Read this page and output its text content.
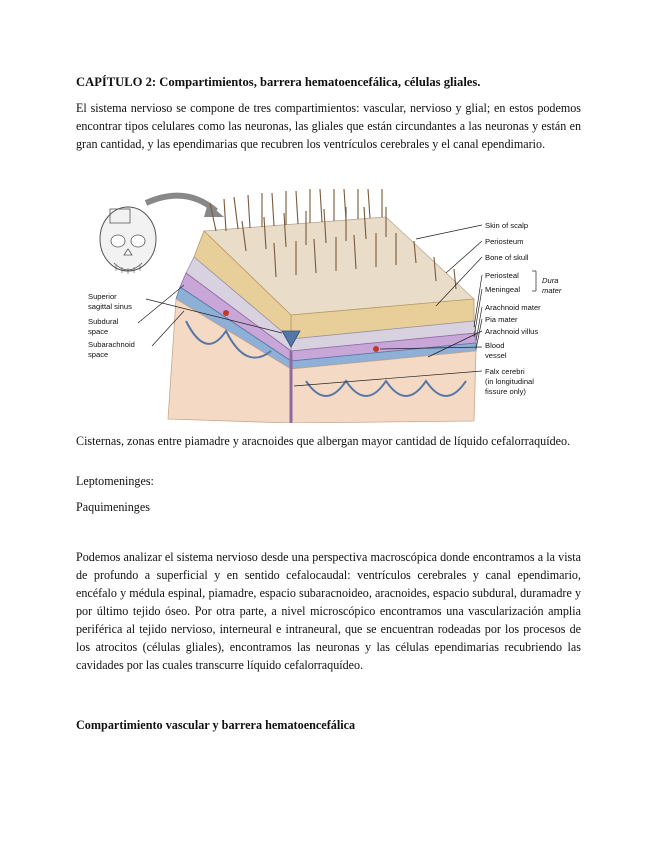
CAPÍTULO 2: Compartimientos, barrera hematoencefálica, células gliales.

El sistema nervioso se compone de tres compartimientos: vascular, nervioso y glial; en estos podemos encontrar tipos celulares como las neuronas, las gliales que están circundantes a las neuronas y están en gran cantidad, y las ependimarias que recubren los ventrículos cerebrales y el canal ependimario.

Skin of scalp
Periosteum
Bone of skull
Periosteal
Meningeal
Dura
mater
Arachnoid mater
Pia mater
Arachnoid villus
Blood
vessel
Falx cerebri
(in longitudinal
fissure only)
Superior
sagittal sinus
Subdural
space
Subarachnoid
space

Cisternas, zonas entre piamadre y aracnoides que albergan mayor cantidad de líquido cefalorraquídeo.

Leptomeninges:

Paquimeninges

Podemos analizar el sistema nervioso desde una perspectiva macroscópica donde encontramos a la vista de profundo a superficial y en sentido cefalocaudal: ventrículos cerebrales y canal ependimario, encéfalo y médula espinal, piamadre, espacio subaracnoideo, aracnoides, espacio subdural, duramadre y por último tejido óseo. Por otra parte, a nivel microscópico encontramos una vascularización amplia periférica al tejido nervioso, interneural e intraneural, que se encuentran rodeadas por los procesos de los atrocitos (células gliales), encontramos las neuronas y las células ependimarias recubriendo las cavidades por las cuales transcurre líquido cefalorraquídeo.

Compartimiento vascular y barrera hematoencefálica
